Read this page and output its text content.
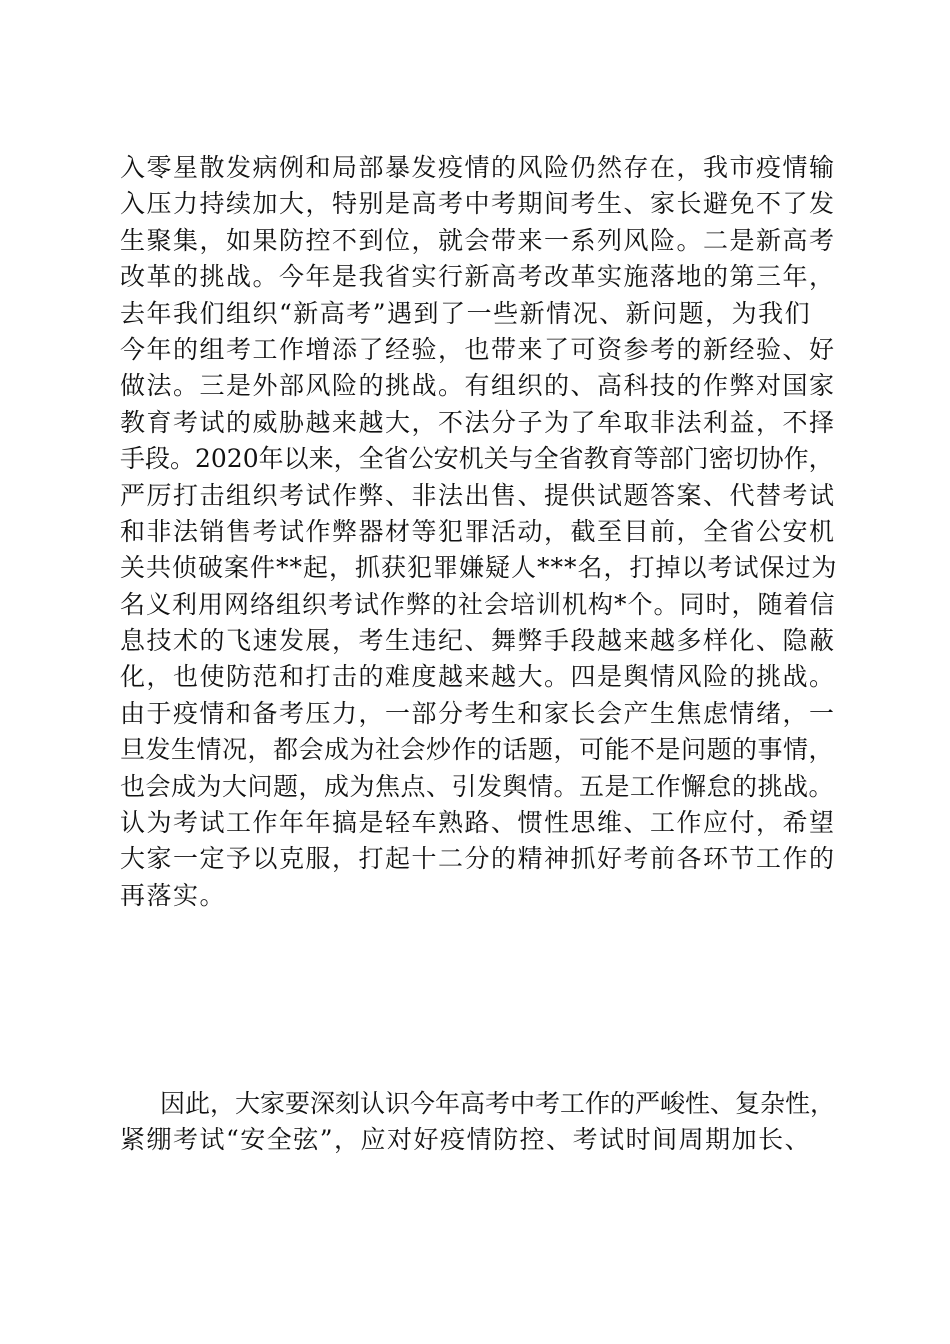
入零星散发病例和局部暴发疫情的风险仍然存在，我市疫情输
入压力持续加大，特别是高考中考期间考生、家长避免不了发
生聚集，如果防控不到位，就会带来一系列风险。二是新高考
改革的挑战。今年是我省实行新高考改革实施落地的第三年，
去年我们组织“新高考”遇到了一些新情况、新问题，为我们
今年的组考工作增添了经验，也带来了可资参考的新经验、好
做法。三是外部风险的挑战。有组织的、高科技的作弊对国家
教育考试的威胁越来越大，不法分子为了牟取非法利益，不择
手段。2020年以来，全省公安机关与全省教育等部门密切协作，
严厉打击组织考试作弊、非法出售、提供试题答案、代替考试
和非法销售考试作弊器材等犯罪活动，截至目前，全省公安机
关共侦破案件**起，抓获犯罪嫌疑人***名，打掉以考试保过为
名义利用网络组织考试作弊的社会培训机构*个。同时，随着信
息技术的飞速发展，考生违纪、舞弊手段越来越多样化、隐蔽
化，也使防范和打击的难度越来越大。四是舆情风险的挑战。
由于疫情和备考压力，一部分考生和家长会产生焦虑情绪，一
旦发生情况，都会成为社会炒作的话题，可能不是问题的事情，
也会成为大问题，成为焦点、引发舆情。五是工作懈怠的挑战。
认为考试工作年年搞是轻车熟路、惯性思维、工作应付，希望
大家一定予以克服，打起十二分的精神抓好考前各环节工作的
再落实。
因此，大家要深刻认识今年高考中考工作的严峻性、复杂性，
紧绷考试“安全弦”，应对好疫情防控、考试时间周期加长、
